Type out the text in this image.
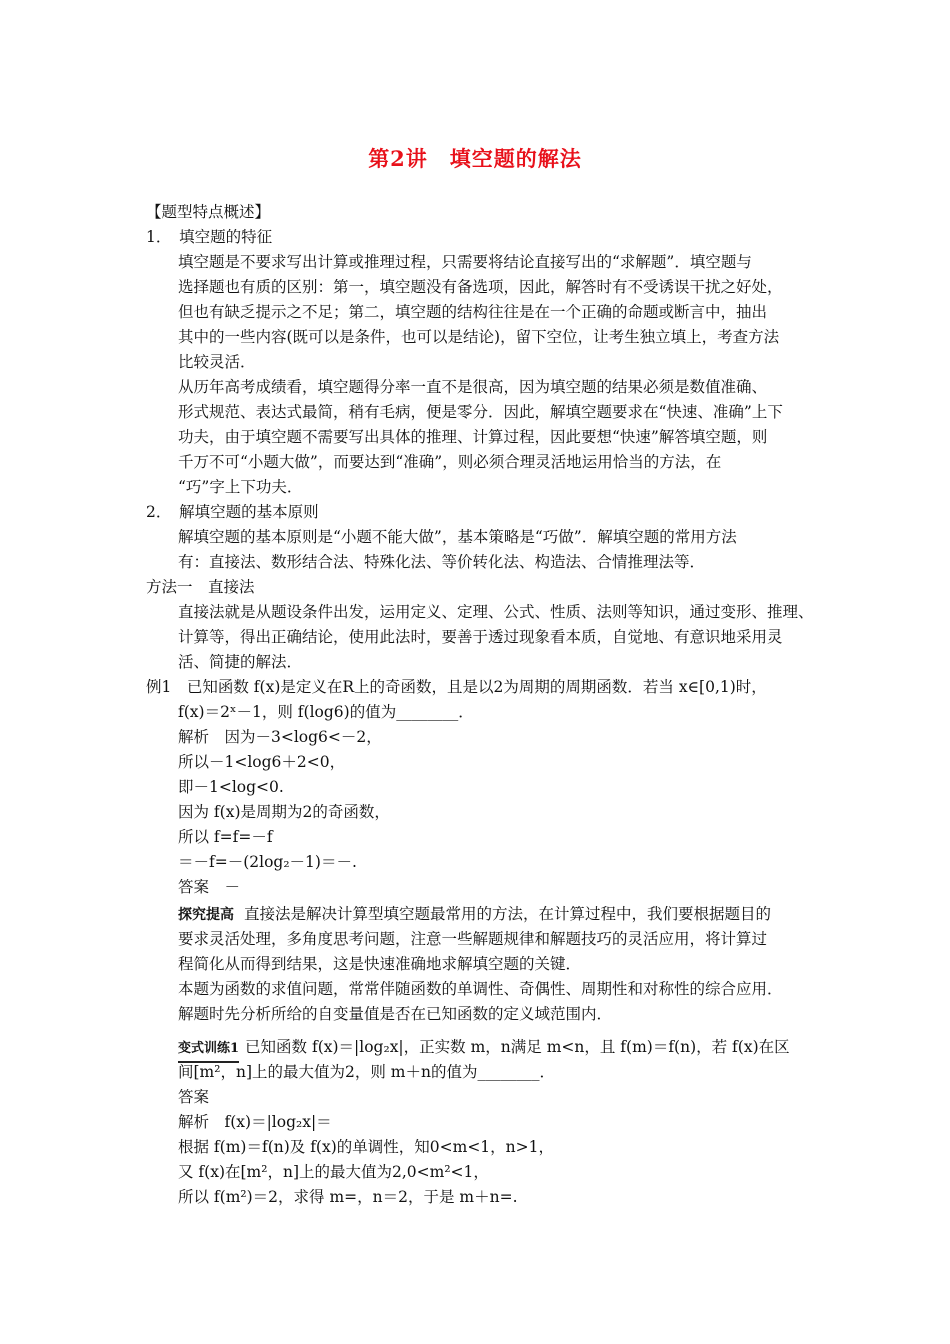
第2讲　填空题的解法
【题型特点概述】
1．　填空题的特征
填空题是不要求写出计算或推理过程，只需要将结论直接写出的“求解题”．填空题与
选择题也有质的区别：第一，填空题没有备选项，因此，解答时有不受诱误干扰之好处，
但也有缺乏提示之不足；第二，填空题的结构往往是在一个正确的命题或断言中，抽出
其中的一些内容(既可以是条件，也可以是结论)，留下空位，让考生独立填上，考查方法
比较灵活．
从历年高考成绩看，填空题得分率一直不是很高，因为填空题的结果必须是数值准确、
形式规范、表达式最简，稍有毛病，便是零分．因此，解填空题要求在“快速、准确”上下
功夫，由于填空题不需要写出具体的推理、计算过程，因此要想“快速”解答填空题，则
千万不可“小题大做”，而要达到“准确”，则必须合理灵活地运用恰当的方法，在
“巧”字上下功夫．
2．　解填空题的基本原则
解填空题的基本原则是“小题不能大做”，基本策略是“巧做”．解填空题的常用方法
有：直接法、数形结合法、特殊化法、等价转化法、构造法、合情推理法等．
方法一　直接法
直接法就是从题设条件出发，运用定义、定理、公式、性质、法则等知识，通过变形、推理、
计算等，得出正确结论，使用此法时，要善于透过现象看本质，自觉地、有意识地采用灵
活、简捷的解法．
例1　已知函数 f(x)是定义在R上的奇函数，且是以2为周期的周期函数．若当 x∈[0,1)时，
f(x)＝2ˣ－1，则 f(log6)的值为________．
解析　因为－3<log6<－2，
所以－1<log6＋2<0，
即－1<log<0.
因为 f(x)是周期为2的奇函数，
所以 f=f=－f
＝－f=－(2log₂－1)＝－.
答案　－
探究提高 直接法是解决计算型填空题最常用的方法，在计算过程中，我们要根据题目的
要求灵活处理，多角度思考问题，注意一些解题规律和解题技巧的灵活应用，将计算过
程简化从而得到结果，这是快速准确地求解填空题的关键．
本题为函数的求值问题，常常伴随函数的单调性、奇偶性、周期性和对称性的综合应用．
解题时先分析所给的自变量值是否在已知函数的定义域范围内．
变式训练1 已知函数 f(x)＝|log₂x|，正实数 m，n满足 m<n，且 f(m)＝f(n)，若 f(x)在区
间[m²，n]上的最大值为2，则 m＋n的值为________．
答案
解析　f(x)＝|log₂x|＝
根据 f(m)＝f(n)及 f(x)的单调性，知0<m<1，n>1，
又 f(x)在[m²，n]上的最大值为2,0<m²<1，
所以 f(m²)＝2，求得 m=，n＝2，于是 m＋n=.
